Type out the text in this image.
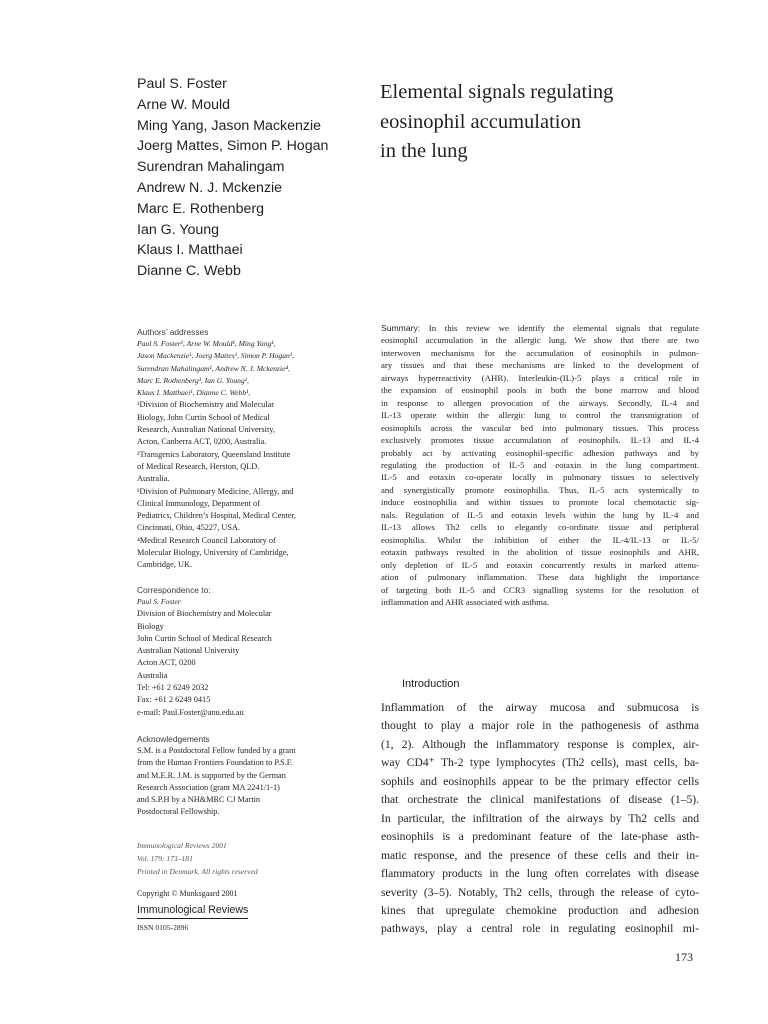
Paul S. Foster
Arne W. Mould
Ming Yang, Jason Mackenzie
Joerg Mattes, Simon P. Hogan
Surendran Mahalingam
Andrew N. J. Mckenzie
Marc E. Rothenberg
Ian G. Young
Klaus I. Matthaei
Dianne C. Webb
Elemental signals regulating
eosinophil accumulation
in the lung
Authors’ addresses
Paul S. Foster¹, Arne W. Mould¹, Ming Yang¹,
Jason Mackenzie¹, Joerg Mattes¹, Simon P. Hogan¹,
Surendran Mahalingam¹, Andrew N. J. Mckenzie⁴,
Marc E. Rothenberg³, Ian G. Young¹,
Klaus I. Matthaei¹, Dianne C. Webb¹,
¹Division of Biochemistry and Molecular
Biology, John Curtin School of Medical
Research, Australian National University,
Acton, Canberra ACT, 0200, Australia.
²Transgenics Laboratory, Queensland Institute
of Medical Research, Herston, QLD.
Australia.
³Division of Pulmonary Medicine, Allergy, and
Clinical Immunology, Department of
Pediatrics, Children’s Hospital, Medical Center,
Cincinnati, Ohio, 45227, USA.
⁴Medical Research Council Laboratory of
Molecular Biology, University of Cambridge,
Cambridge, UK.
Correspondence to:
Paul S. Foster
Division of Biochemistry and Molecular
Biology
John Curtin School of Medical Research
Australian National University
Acton ACT, 0200
Australia
Tel: +61 2 6249 2032
Fax: +61 2 6249 0415
e-mail: Paul.Foster@anu.edu.au
Acknowledgements
S.M. is a Postdoctoral Fellow funded by a grant
from the Human Frontiers Foundation to P.S.F.
and M.E.R. J.M. is supported by the German
Research Association (grant MA 2241/1-1)
and S.P.H by a NH&MRC CJ Martin
Postdoctoral Fellowship.
Immunological Reviews 2001
Vol. 179: 173–181
Printed in Denmark. All rights reserved
Copyright © Munksgaard 2001
Immunological Reviews
ISSN 0105-2896
Summary: In this review we identify the elemental signals that regulate
eosinophil accumulation in the allergic lung. We show that there are two
interwoven mechanisms for the accumulation of eosinophils in pulmon-
ary tissues and that these mechanisms are linked to the development of
airways hyperreactivity (AHR). Interleukin-(IL)-5 plays a critical role in
the expansion of eosinophil pools in both the bone marrow and blood
in response to allergen provocation of the airways. Secondly, IL-4 and
IL-13 operate within the allergic lung to control the transmigration of
eosinophils across the vascular bed into pulmonary tissues. This process
exclusively promotes tissue accumulation of eosinophils. IL-13 and IL-4
probably act by activating eosinophil-specific adhesion pathways and by
regulating the production of IL-5 and eotaxin in the lung compartment.
IL-5 and eotaxin co-operate locally in pulmonary tissues to selectively
and synergistically promote eosinophilia. Thus, IL-5 acts systemically to
induce eosinophilia and within tissues to promote local chemotactic sig-
nals. Regulation of IL-5 and eotaxin levels within the lung by IL-4 and
IL-13 allows Th2 cells to elegantly co-ordinate tissue and peripheral
eosinophilia. Whilst the inhibition of either the IL-4/IL-13 or IL-5/
eotaxin pathways resulted in the abolition of tissue eosinophils and AHR,
only depletion of IL-5 and eotaxin concurrently results in marked attenu-
ation of pulmonary inflammation. These data highlight the importance
of targeting both IL-5 and CCR3 signalling systems for the resolution of
inflammation and AHR associated with asthma.
Introduction
Inflammation of the airway mucosa and submucosa is
thought to play a major role in the pathogenesis of asthma
(1, 2). Although the inflammatory response is complex, air-
way CD4⁺ Th-2 type lymphocytes (Th2 cells), mast cells, ba-
sophils and eosinophils appear to be the primary effector cells
that orchestrate the clinical manifestations of disease (1–5).
In particular, the infiltration of the airways by Th2 cells and
eosinophils is a predominant feature of the late-phase asth-
matic response, and the presence of these cells and their in-
flammatory products in the lung often correlates with disease
severity (3–5). Notably, Th2 cells, through the release of cyto-
kines that upregulate chemokine production and adhesion
pathways, play a central role in regulating eosinophil mi-
173
